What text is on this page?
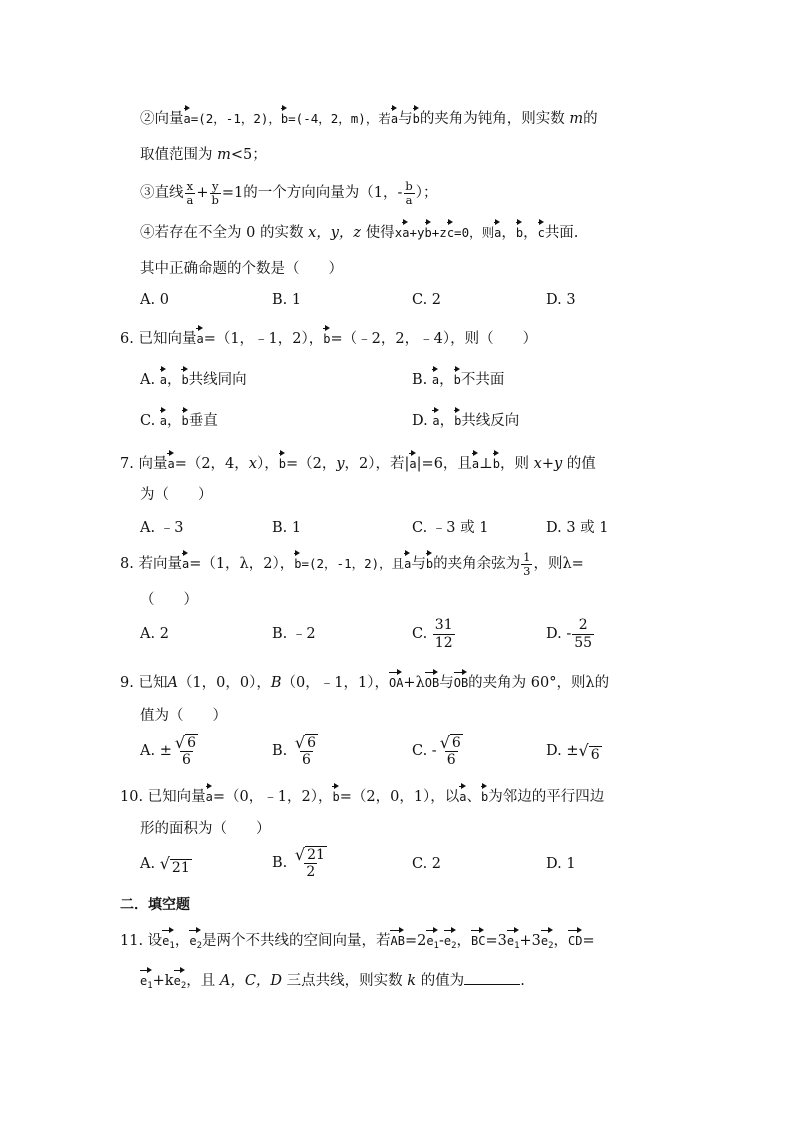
②向量a=(2，-1，2)，b=(-4，2，m)，若a与b的夹角为钝角，则实数 m的
取值范围为 m<5；
③直线 $\frac{x}{a} + \frac{y}{b} =1$的一个方向向量为（1，- $\frac{b}{a}$ ）；
④若存在不全为 0 的实数 x，y，z 使得xa+yb+zc=0，则a，b，c共面.
其中正确命题的个数是（　　）
A. 0	B. 1	C. 2	D. 3
6. 已知向量a=（1，﹣1，2），b=（﹣2，2，﹣4），则（　　）
A. a，b共线同向	B. a，b不共面
C. a，b垂直	D. a，b共线反向
7. 向量a=（2，4，x），b=（2，y，2），若|a|=6，且a⊥b，则 x+y 的值
为（　　）
A. ﹣3	B. 1	C. ﹣3 或 1	D. 3 或 1
8. 若向量a=（1，λ，2），b=(2，-1，2)，且a与b的夹角余弦为 $\frac{1}{3}$ ，则λ=
（　　）
A. 2	B. ﹣2	C. $\frac{31}{12}$	D. - $\frac{2}{55}$
9. 已知A（1，0，0），B（0，﹣1，1），OA+λOB与OB的夹角为 60°，则λ的
值为（　　）
A. ± $\frac{√ 6}{6}$	B. $\frac{√ 6}{6}$	C. - $\frac{√ 6}{6}$	D. ± √ 6
10. 已知向量a=（0，﹣1，2），b=（2，0，1），以a、b为邻边的平行四边
形的面积为（　　）
A. √ 21	B. $\frac{√ 21}{2}$	C. 2	D. 1
二．填空题
11. 设$e_1$，$e_2$是两个不共线的空间向量，若$AB=2e_1-e_2$，$BC=3e_1+3e_2$，CD=
$e_1+ke_2$，且 A，C，D 三点共线，则实数 k 的值为	.
